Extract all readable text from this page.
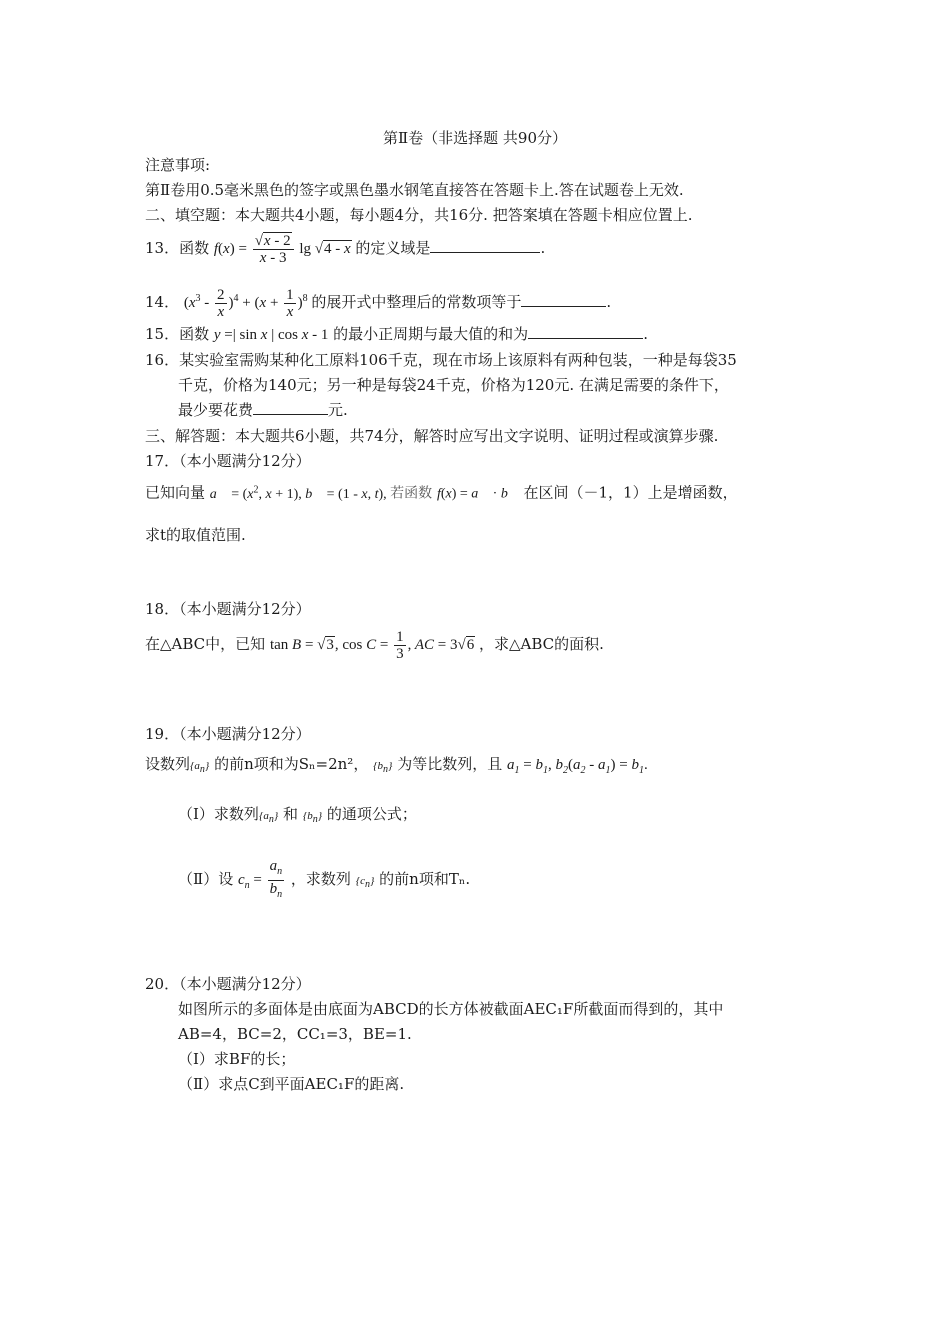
第Ⅱ卷（非选择题 共90分）
注意事项:
第Ⅱ卷用0.5毫米黑色的签字或黑色墨水钢笔直接答在答题卡上.答在试题卷上无效.
二、填空题：本大题共4小题，每小题4分，共16分. 把答案填在答题卡相应位置上.
13．函数 $f(x) = \frac{√x - 2}{x - 3}$ lg √4 - x 的定义域是	.
14． $(x^3 - \frac{2}{x} )^4 + (x + \frac{1}{x} )^8$ 的展开式中整理后的常数项等于	.
15．函数 y =| sin x | cos x - 1 的最小正周期与最大值的和为	.
16．某实验室需购某种化工原料106千克，现在市场上该原料有两种包装，一种是每袋35
千克，价格为140元；另一种是每袋24千克，价格为120元. 在满足需要的条件下，
最少要花费	元.
三、解答题：本大题共6小题，共74分，解答时应写出文字说明、证明过程或演算步骤.
17．（本小题满分12分）
已知向量 a⃗ = ($x^2$, x + 1), b⃗ = (1 - x, t), 若函数 f(x) = a⃗ · b⃗ 在区间（－1，1）上是增函数，
求t的取值范围.
18．（本小题满分12分）
在△ABC中，已知 tan B = √3, $\cos C = \frac{1}{3}$ , AC = 3√6 ，求△ABC的面积.
19．（本小题满分12分）
设数列$\{a_n\}$ 的前n项和为Sₙ=2n²， $\{b_n\}$ 为等比数列，且 $a_1 = b_1$, $b_2(a_2 - a_1) = b_1$.
（Ⅰ）求数列$\{a_n\}$ 和 $\{b_n\}$ 的通项公式；
（Ⅱ）设 $c_n = \frac{a_n}{b_n}$ ，求数列 $\{c_n\}$ 的前n项和Tₙ.
20．（本小题满分12分）
如图所示的多面体是由底面为ABCD的长方体被截面AEC₁F所截面而得到的，其中
AB=4，BC=2，CC₁=3，BE=1.
（Ⅰ）求BF的长；
（Ⅱ）求点C到平面AEC₁F的距离.
